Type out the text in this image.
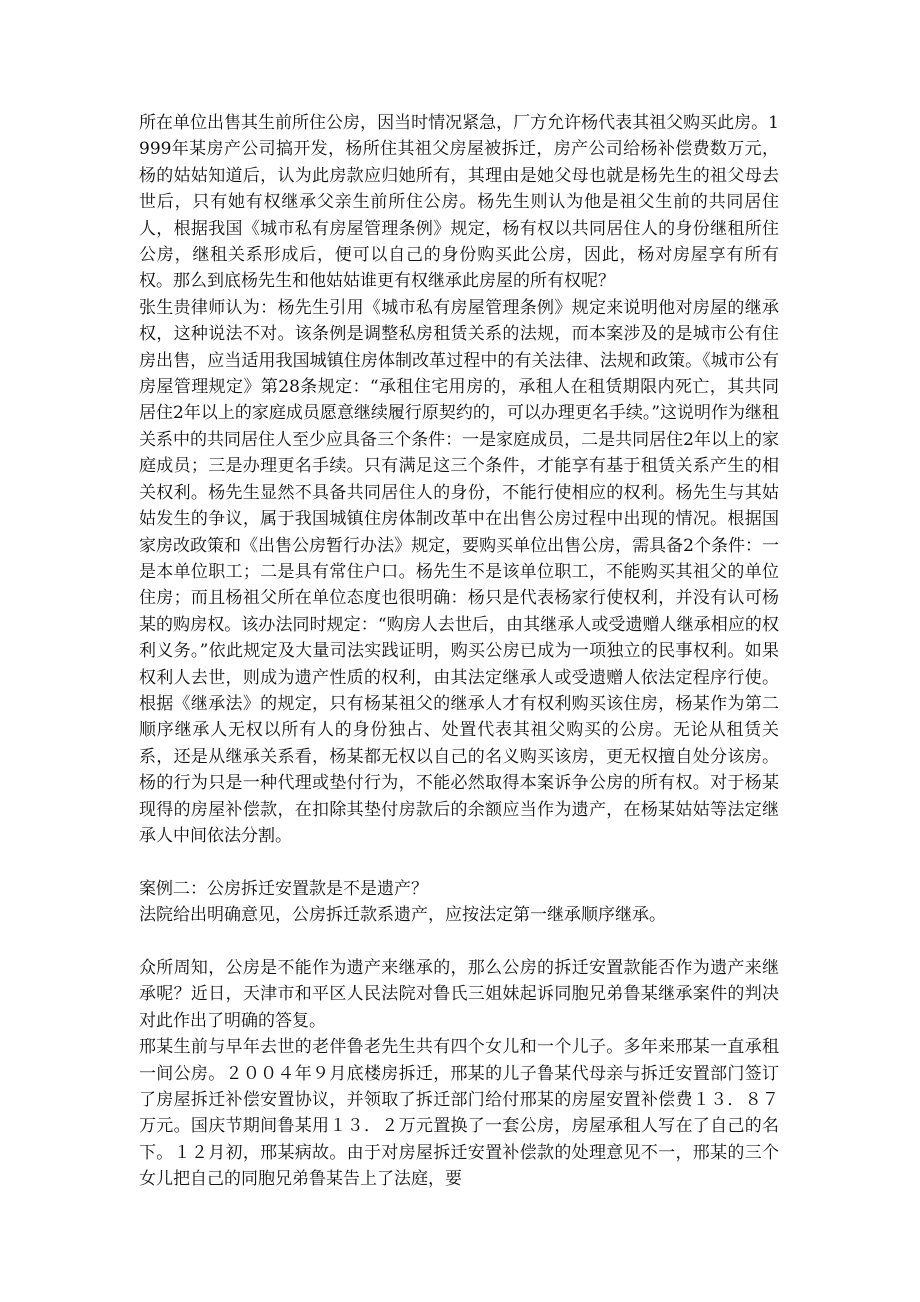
所在单位出售其生前所住公房，因当时情况紧急，厂方允许杨代表其祖父购买此房。1999年某房产公司搞开发，杨所住其祖父房屋被拆迁，房产公司给杨补偿费数万元，杨的姑姑知道后，认为此房款应归她所有，其理由是她父母也就是杨先生的祖父母去世后，只有她有权继承父亲生前所住公房。杨先生则认为他是祖父生前的共同居住人，根据我国《城市私有房屋管理条例》规定，杨有权以共同居住人的身份继租所住公房，继租关系形成后，便可以自己的身份购买此公房，因此，杨对房屋享有所有权。那么到底杨先生和他姑姑谁更有权继承此房屋的所有权呢？

张生贵律师认为：杨先生引用《城市私有房屋管理条例》规定来说明他对房屋的继承权，这种说法不对。该条例是调整私房租赁关系的法规，而本案涉及的是城市公有住房出售，应当适用我国城镇住房体制改革过程中的有关法律、法规和政策。《城市公有房屋管理规定》第28条规定：“承租住宅用房的，承租人在租赁期限内死亡，其共同居住2年以上的家庭成员愿意继续履行原契约的，可以办理更名手续。”这说明作为继租关系中的共同居住人至少应具备三个条件：一是家庭成员，二是共同居住2年以上的家庭成员；三是办理更名手续。只有满足这三个条件，才能享有基于租赁关系产生的相关权利。杨先生显然不具备共同居住人的身份，不能行使相应的权利。杨先生与其姑姑发生的争议，属于我国城镇住房体制改革中在出售公房过程中出现的情况。根据国家房改政策和《出售公房暂行办法》规定，要购买单位出售公房，需具备2个条件：一是本单位职工；二是具有常住户口。杨先生不是该单位职工，不能购买其祖父的单位住房；而且杨祖父所在单位态度也很明确：杨只是代表杨家行使权利，并没有认可杨某的购房权。该办法同时规定：“购房人去世后，由其继承人或受遗赠人继承相应的权利义务。”依此规定及大量司法实践证明，购买公房已成为一项独立的民事权利。如果权利人去世，则成为遗产性质的权利，由其法定继承人或受遗赠人依法定程序行使。根据《继承法》的规定，只有杨某祖父的继承人才有权利购买该住房，杨某作为第二顺序继承人无权以所有人的身份独占、处置代表其祖父购买的公房。无论从租赁关系，还是从继承关系看，杨某都无权以自己的名义购买该房，更无权擅自处分该房。杨的行为只是一种代理或垫付行为，不能必然取得本案诉争公房的所有权。对于杨某现得的房屋补偿款，在扣除其垫付房款后的余额应当作为遗产，在杨某姑姑等法定继承人中间依法分割。

案例二：公房拆迁安置款是不是遗产？

法院给出明确意见，公房拆迁款系遗产，应按法定第一继承顺序继承。

众所周知，公房是不能作为遗产来继承的，那么公房的拆迁安置款能否作为遗产来继承呢？近日，天津市和平区人民法院对鲁氏三姐妹起诉同胞兄弟鲁某继承案件的判决对此作出了明确的答复。

邢某生前与早年去世的老伴鲁老先生共有四个女儿和一个儿子。多年来邢某一直承租一间公房。２００４年９月底楼房拆迁，邢某的儿子鲁某代母亲与拆迁安置部门签订了房屋拆迁补偿安置协议，并领取了拆迁部门给付邢某的房屋安置补偿费１３．８７万元。国庆节期间鲁某用１３．２万元置换了一套公房，房屋承租人写在了自己的名下。１２月初，邢某病故。由于对房屋拆迁安置补偿款的处理意见不一，邢某的三个女儿把自己的同胞兄弟鲁某告上了法庭，要
